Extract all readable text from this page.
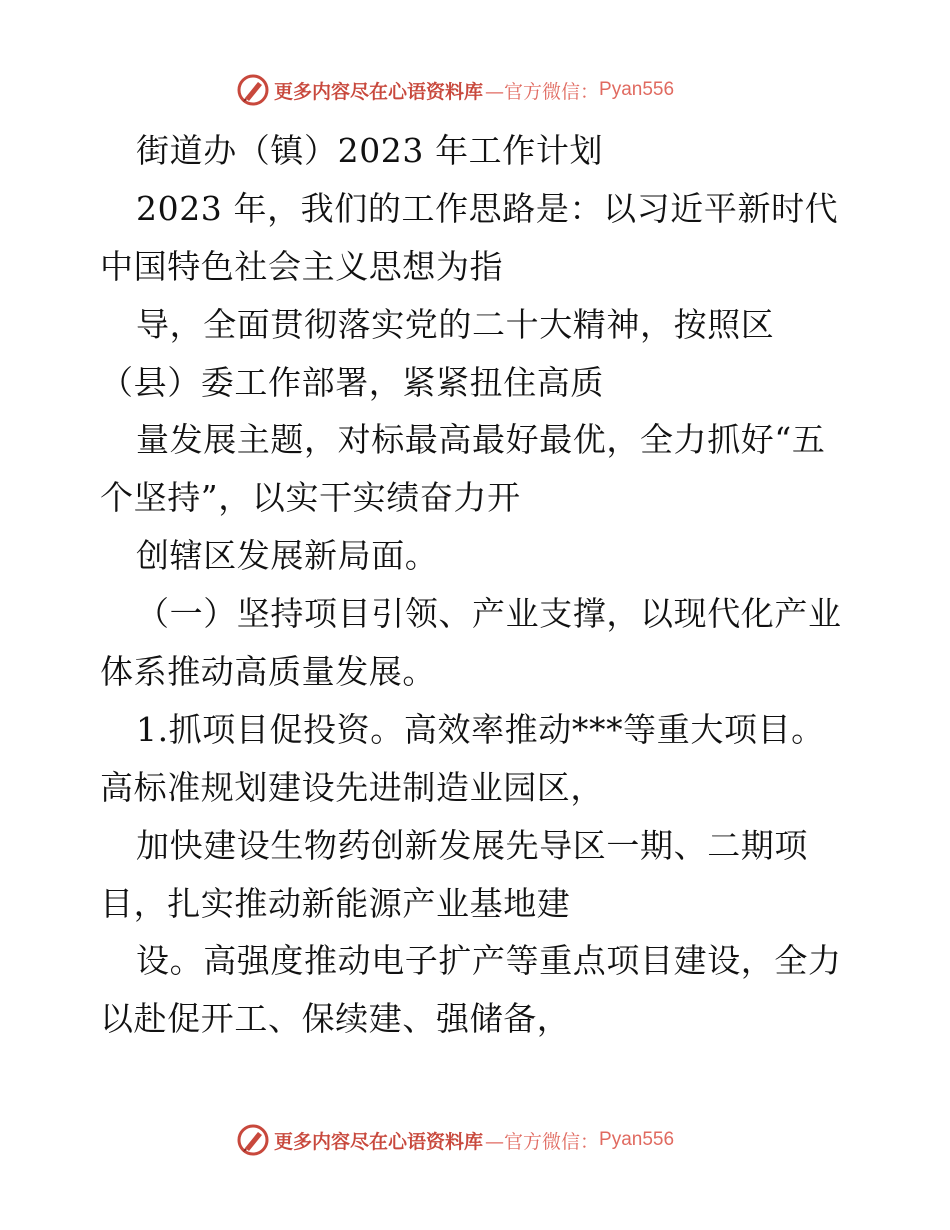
更多内容尽在心语资料库 —官方微信： Pyan556
街道办（镇）2023 年工作计划
2023 年，我们的工作思路是：以习近平新时代
中国特色社会主义思想为指
导，全面贯彻落实党的二十大精神，按照区
（县）委工作部署，紧紧扭住高质
量发展主题，对标最高最好最优，全力抓好“五
个坚持”，以实干实绩奋力开
创辖区发展新局面。
（一）坚持项目引领、产业支撑，以现代化产业
体系推动高质量发展。
1.抓项目促投资。高效率推动***等重大项目。
高标准规划建设先进制造业园区，
加快建设生物药创新发展先导区一期、二期项
目，扎实推动新能源产业基地建
设。高强度推动电子扩产等重点项目建设，全力
以赴促开工、保续建、强储备，
更多内容尽在心语资料库 —官方微信： Pyan556
